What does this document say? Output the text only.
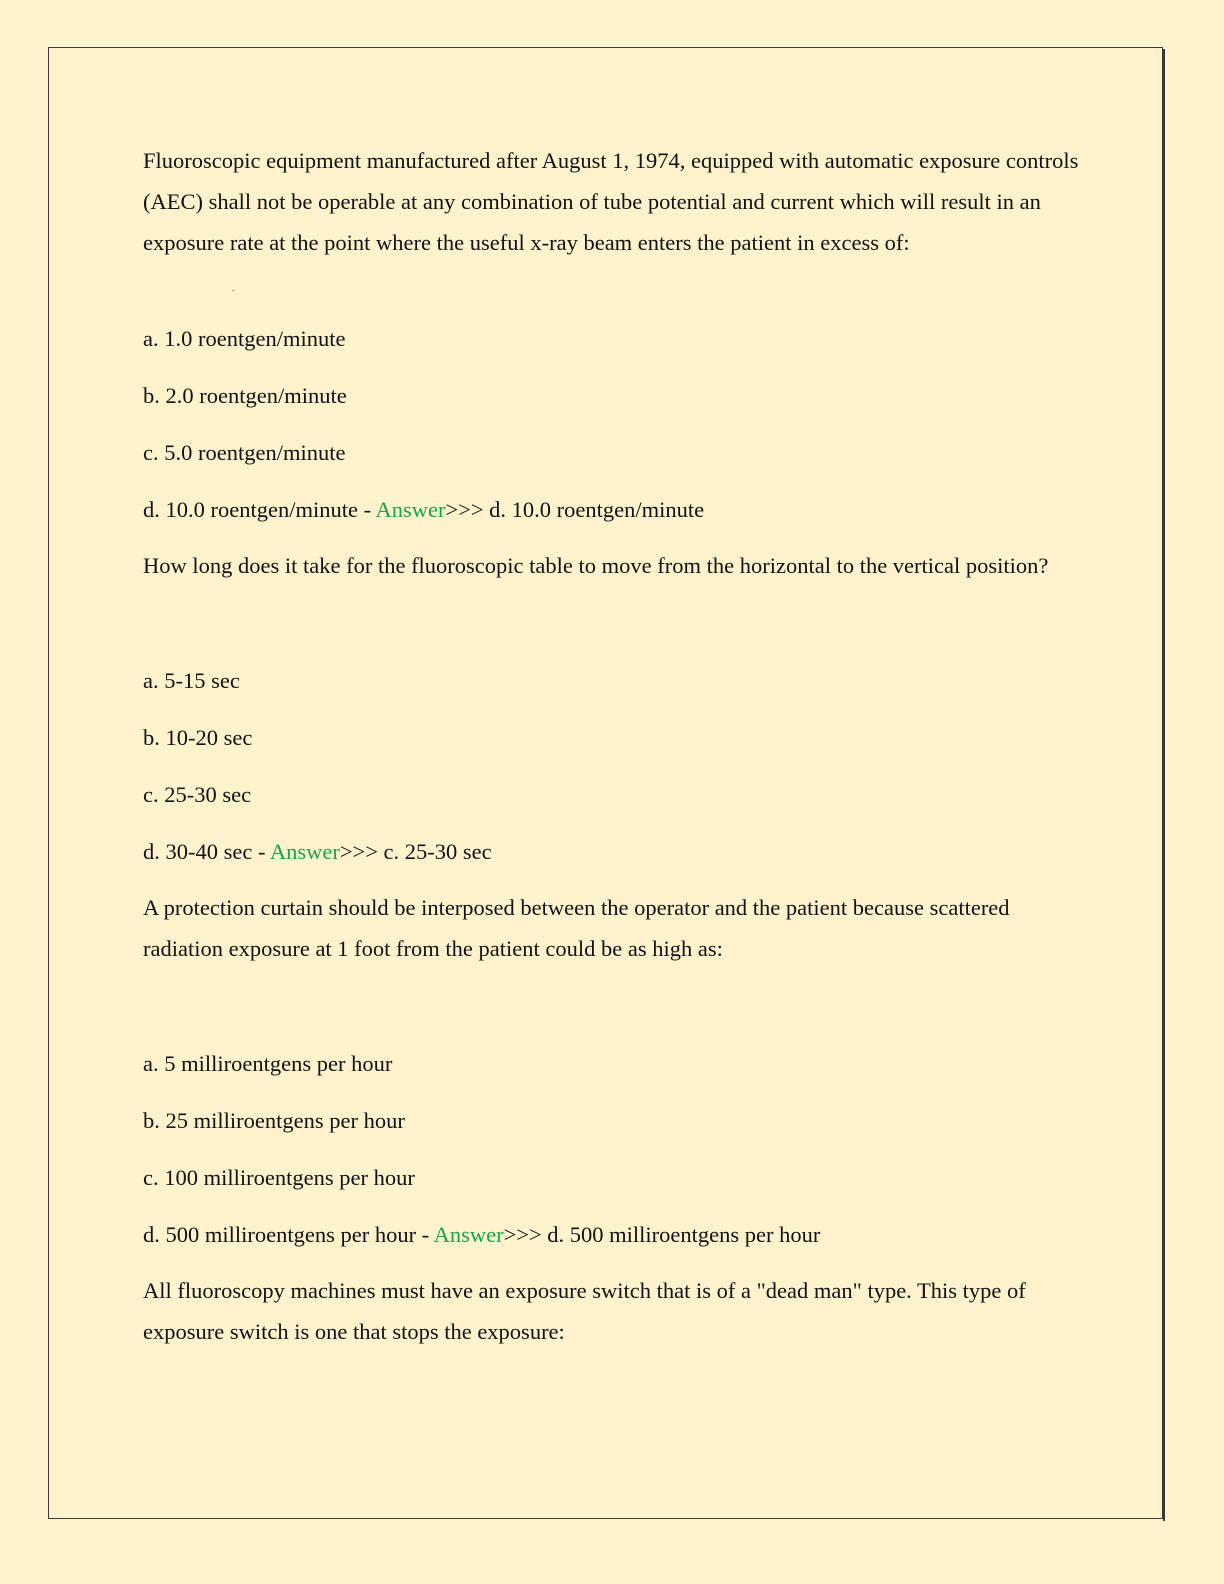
Fluoroscopic equipment manufactured after August 1, 1974, equipped with automatic exposure controls (AEC) shall not be operable at any combination of tube potential and current which will result in an exposure rate at the point where the useful x-ray beam enters the patient in excess of:

.

a. 1.0 roentgen/minute

b. 2.0 roentgen/minute

c. 5.0 roentgen/minute

d. 10.0 roentgen/minute - Answer>>> d. 10.0 roentgen/minute

How long does it take for the fluoroscopic table to move from the horizontal to the vertical position?

a. 5-15 sec

b. 10-20 sec

c. 25-30 sec

d. 30-40 sec - Answer>>> c. 25-30 sec

A protection curtain should be interposed between the operator and the patient because scattered radiation exposure at 1 foot from the patient could be as high as:

a. 5 milliroentgens per hour

b. 25 milliroentgens per hour

c. 100 milliroentgens per hour

d. 500 milliroentgens per hour - Answer>>> d. 500 milliroentgens per hour

All fluoroscopy machines must have an exposure switch that is of a "dead man" type. This type of exposure switch is one that stops the exposure:
